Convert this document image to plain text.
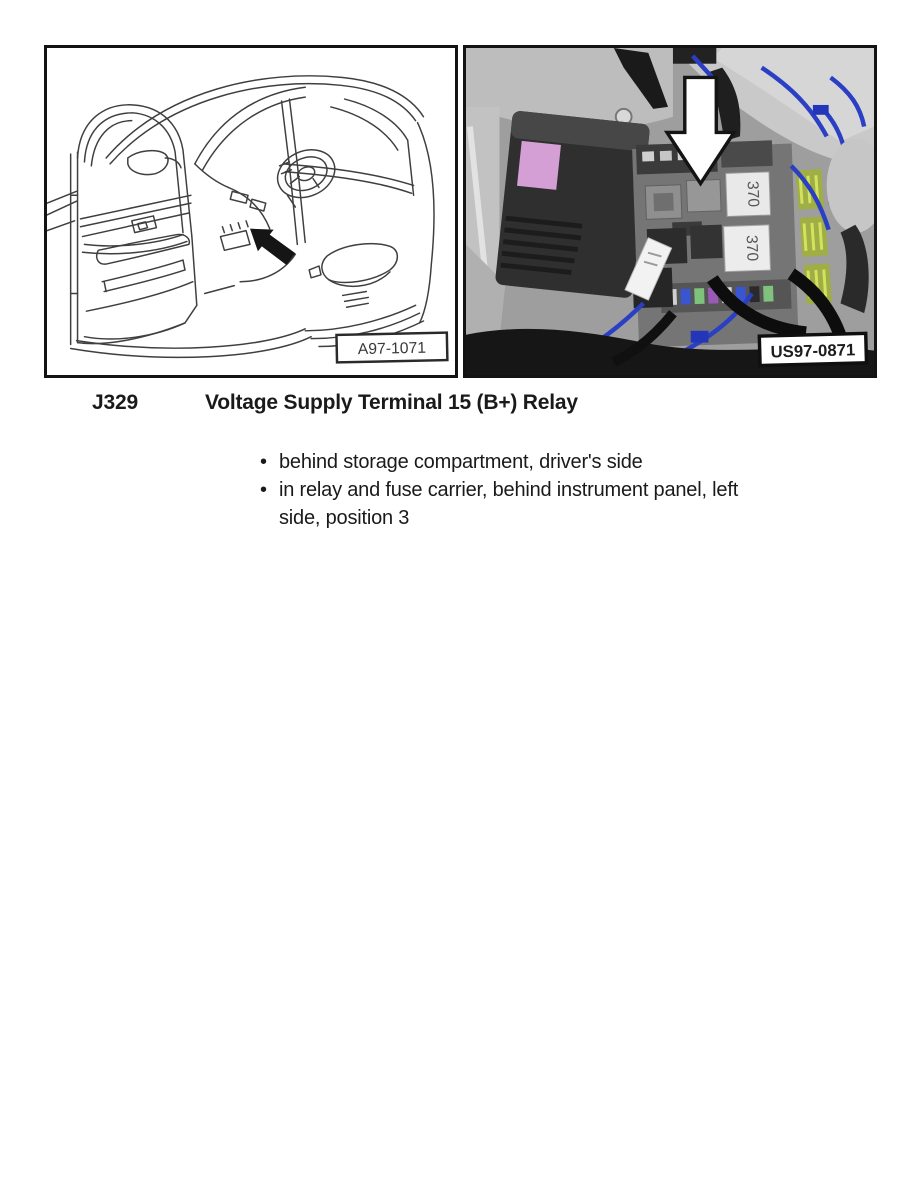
A97-1071
370
370
US97-0871
J329	Voltage Supply Terminal 15 (B+) Relay
• behind storage compartment, driver's side
• in relay and fuse carrier, behind instrument panel, left side, position 3
